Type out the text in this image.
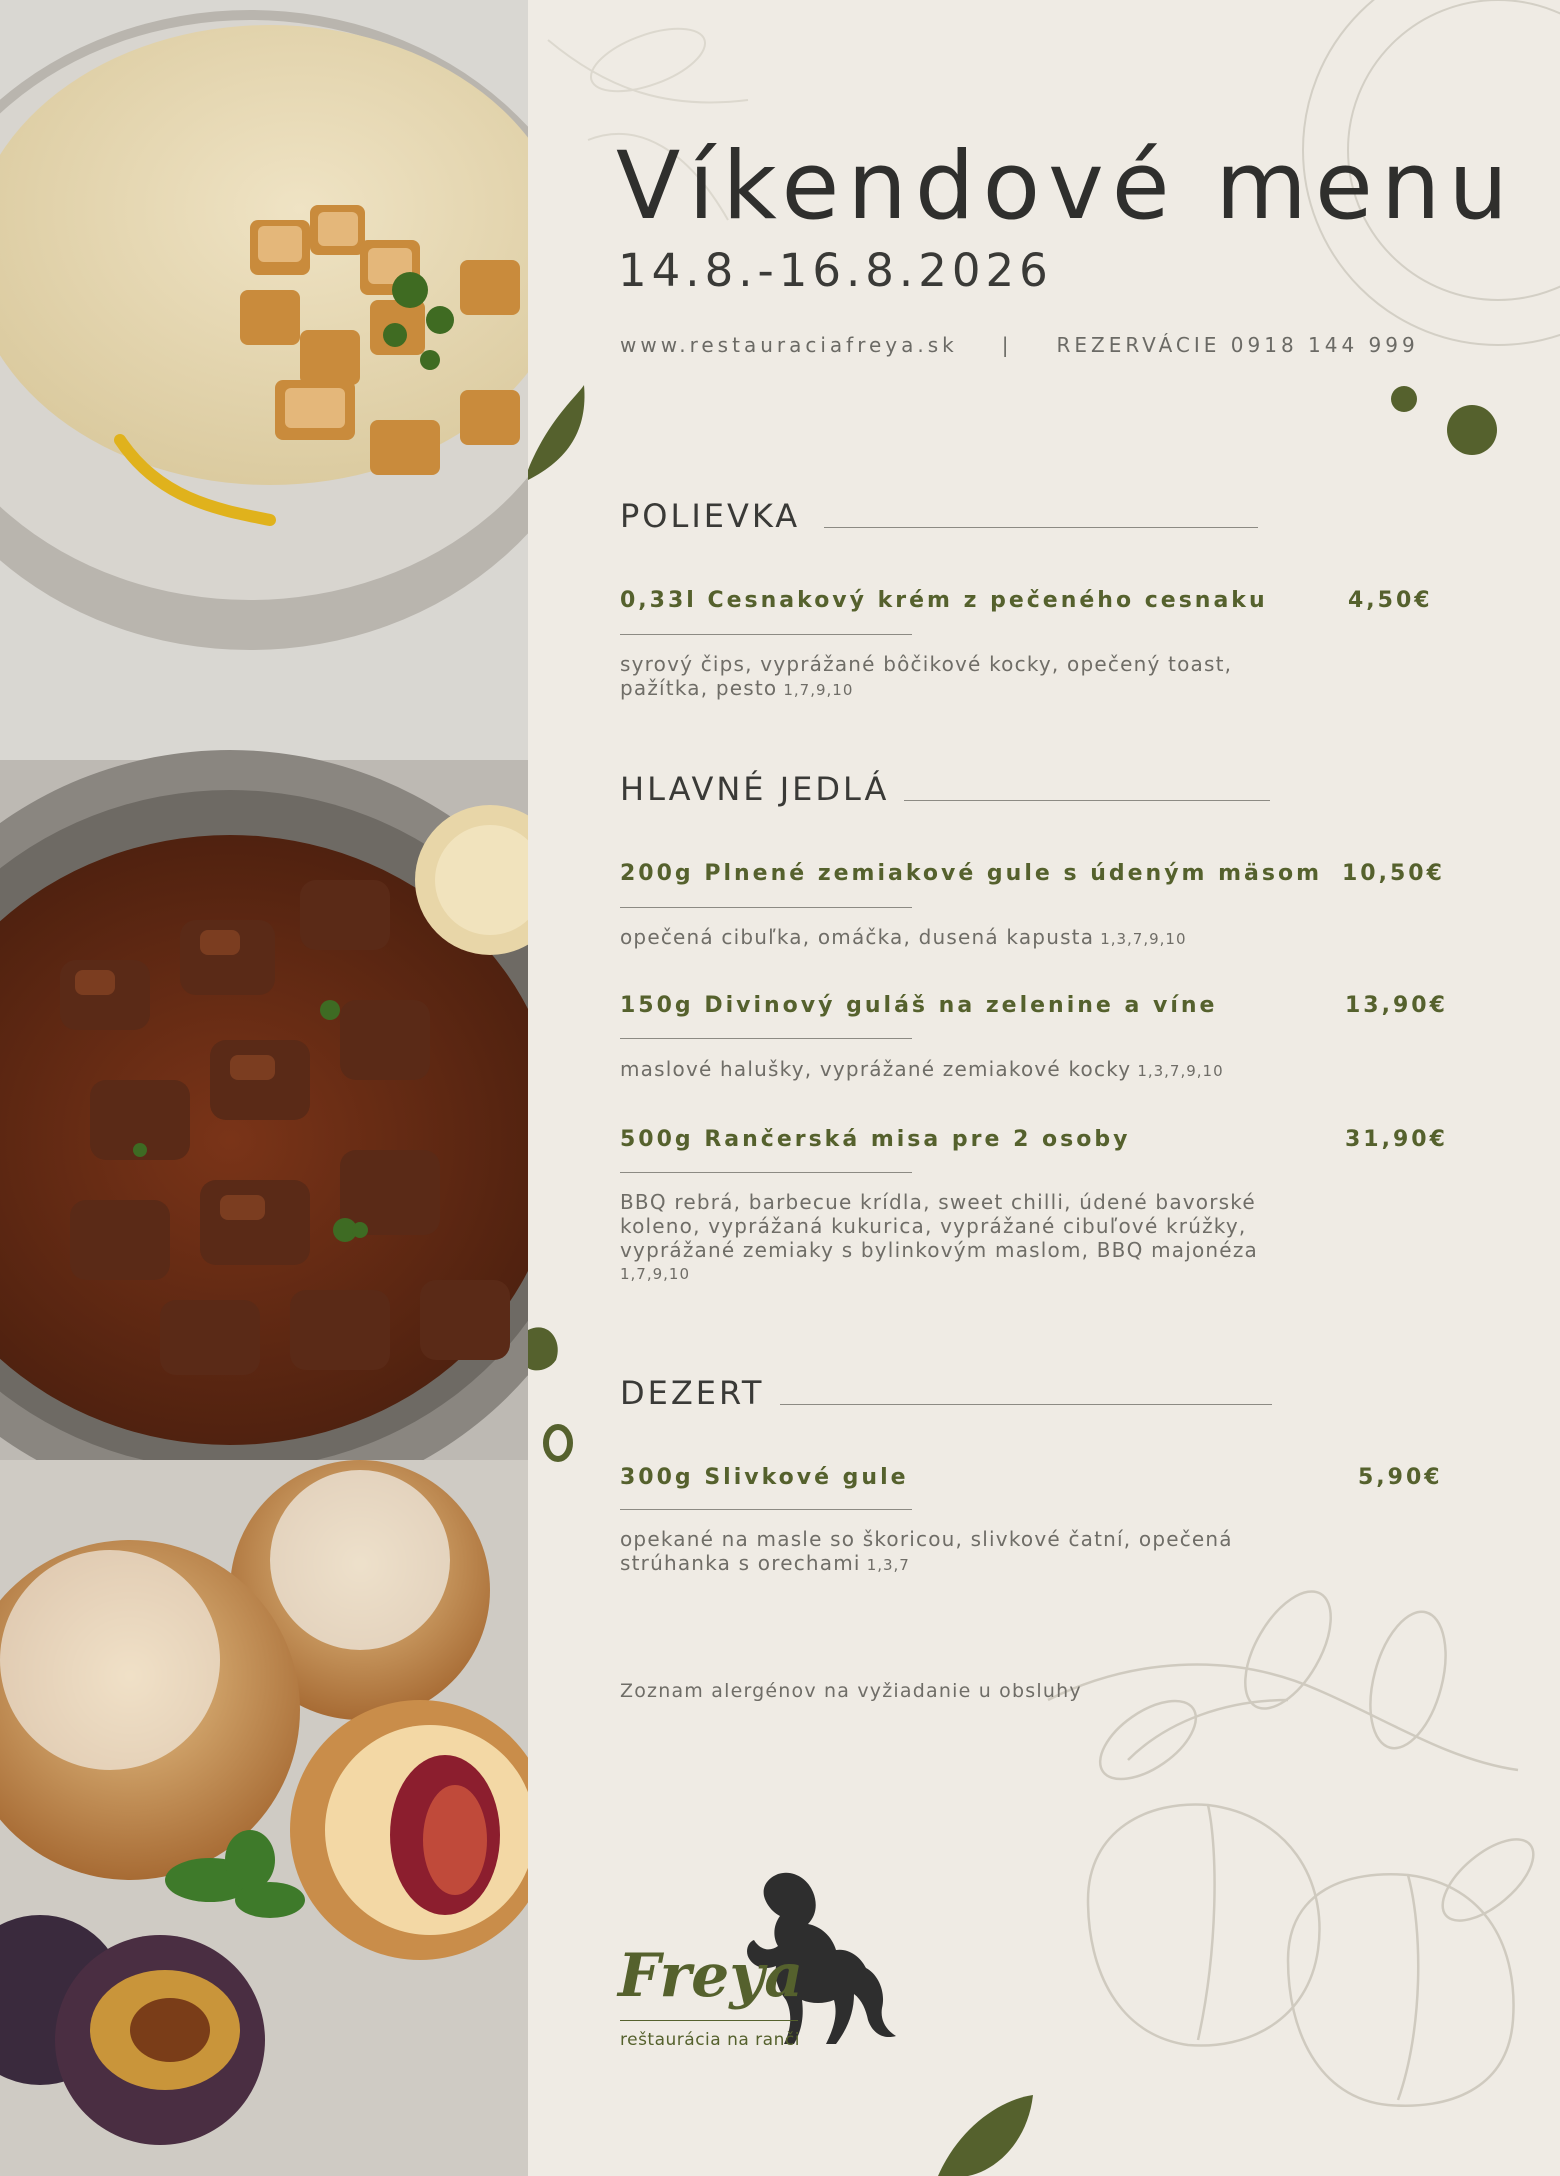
Víkendové menu
14.8.-16.8.2026
www.restauraciafreya.sk | REZERVÁCIE 0918 144 999
POLIEVKA
0,33l Cesnakový krém z pečeného cesnaku	4,50€
syrový čips, vyprážané bôčikové kocky, opečený toast,
pažítka, pesto 1,7,9,10
HLAVNÉ JEDLÁ
200g Plnené zemiakové gule s údeným mäsom 10,50€
opečená cibuľka, omáčka, dusená kapusta 1,3,7,9,10
150g Divinový guláš na zelenine a víne	13,90€
maslové halušky, vyprážané zemiakové kocky 1,3,7,9,10
500g Rančerská misa pre 2 osoby	31,90€
BBQ rebrá, barbecue krídla, sweet chilli, údené bavorské
koleno, vyprážaná kukurica, vyprážané cibuľové krúžky,
vyprážané zemiaky s bylinkovým maslom, BBQ majonéza
1,7,9,10
DEZERT
300g Slivkové gule	5,90€
opekané na masle so škoricou, slivkové čatní, opečená
strúhanka s orechami 1,3,7
Zoznam alergénov na vyžiadanie u obsluhy
Freya
reštaurácia na ranči
